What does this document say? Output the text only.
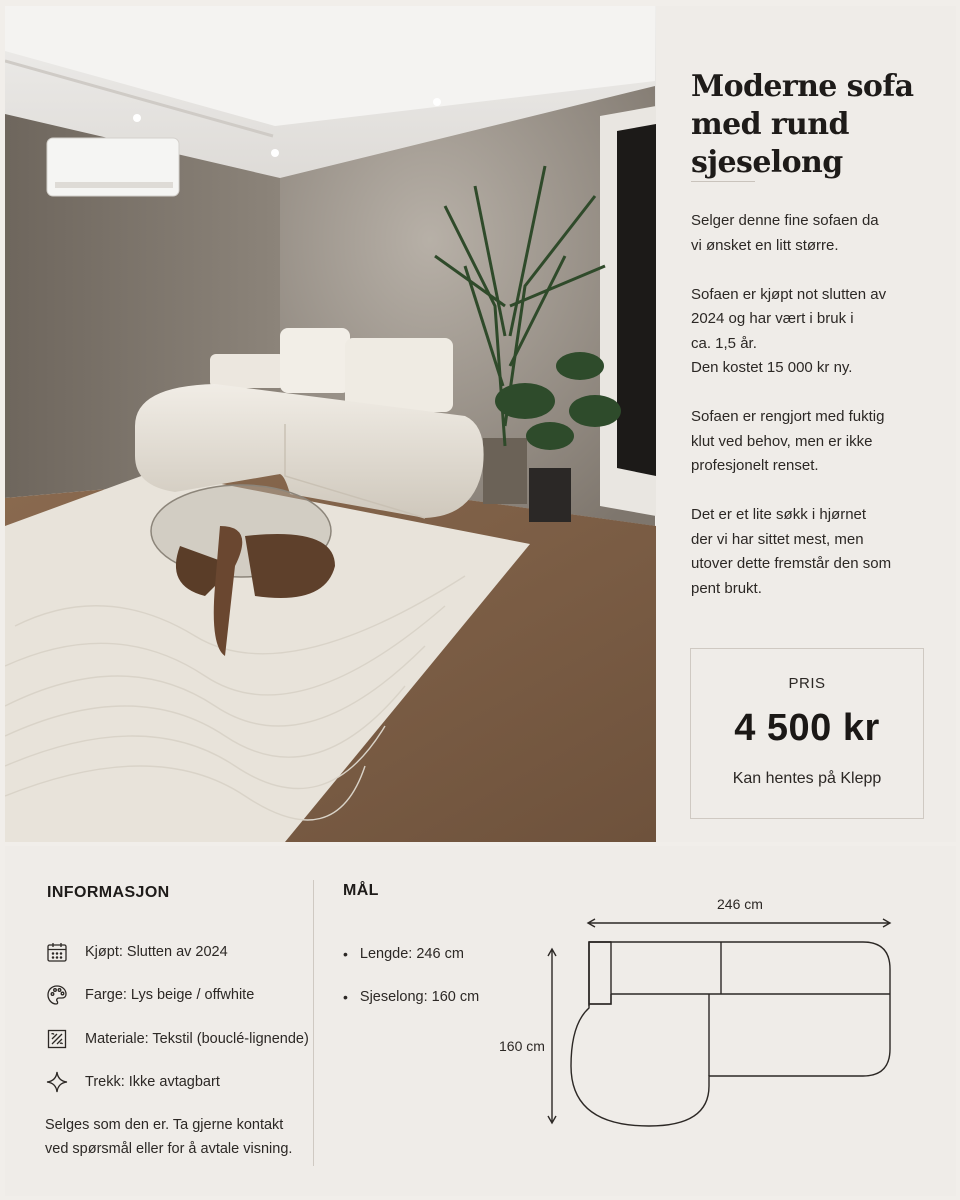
Moderne sofa med rund sjeselong

Selger denne fine sofaen da
vi ønsket en litt større.

Sofaen er kjøpt not slutten av
2024 og har vært i bruk i
ca. 1,5 år.
Den kostet 15 000 kr ny.

Sofaen er rengjort med fuktig
klut ved behov, men er ikke
profesjonelt renset.

Det er et lite søkk i hjørnet
der vi har sittet mest, men
utover dette fremstår den som
pent brukt.

PRIS
4 500 kr
Kan hentes på Klepp
INFORMASJON
Kjøpt: Slutten av 2024
Farge: Lys beige / offwhite
Materiale: Tekstil (bouclé-lignende)
Trekk: Ikke avtagbart
Selges som den er. Ta gjerne kontakt
ved spørsmål eller for å avtale visning.
MÅL
• Lengde: 246 cm
• Sjeselong: 160 cm
246 cm
160 cm
